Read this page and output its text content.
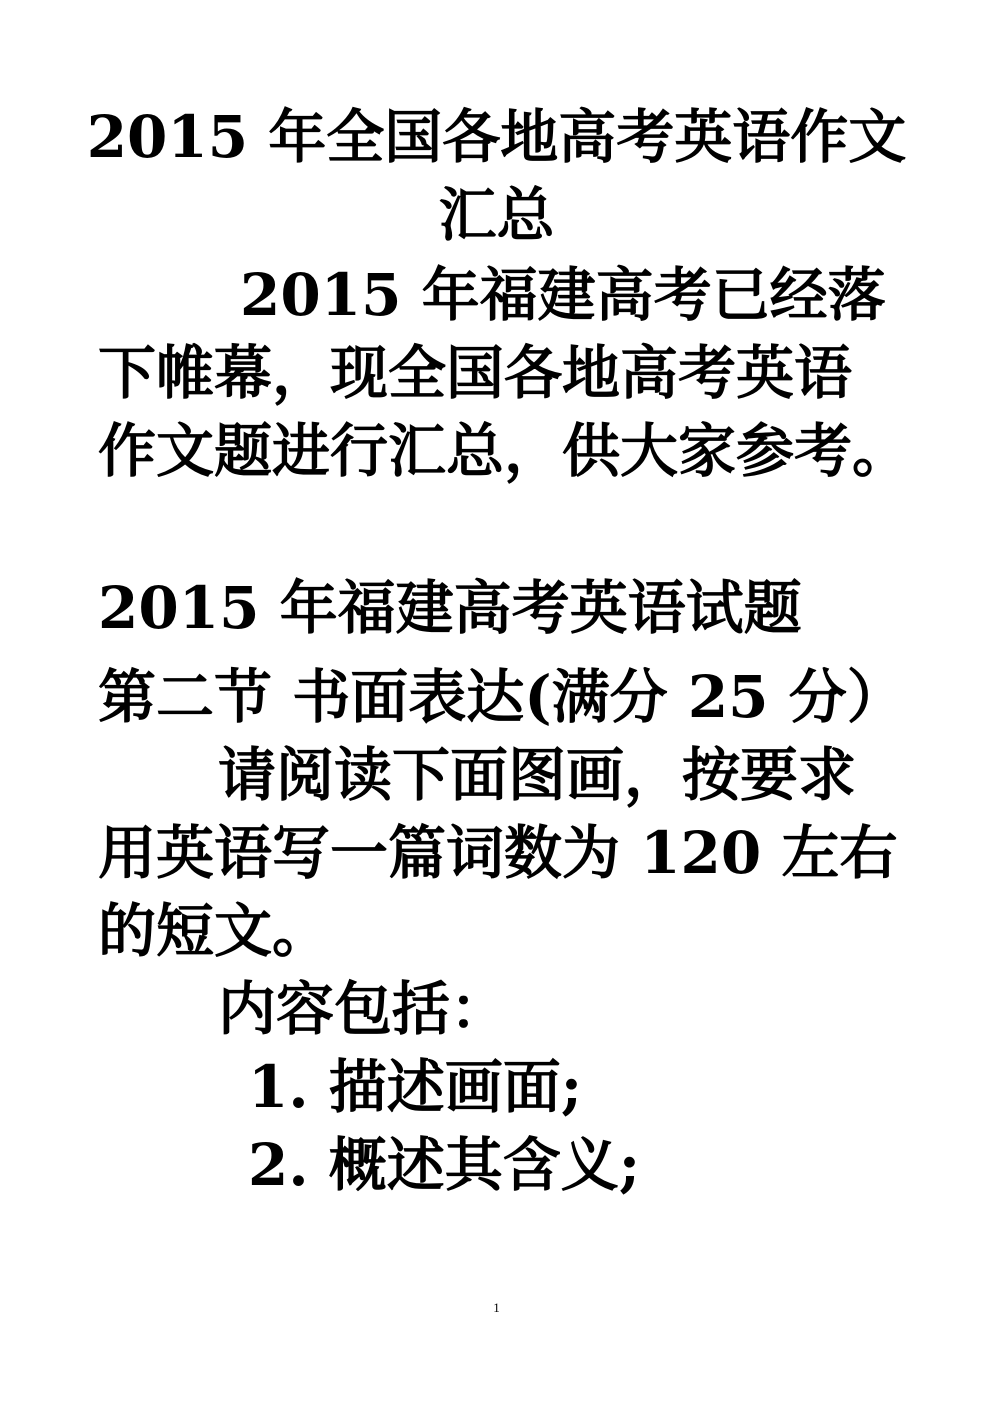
2015 年全国各地高考英语作文
汇总
2015 年福建高考已经落
下帷幕，现全国各地高考英语
作文题进行汇总，供大家参考。
2015 年福建高考英语试题
第二节 书面表达(满分 25 分）
请阅读下面图画，按要求
用英语写一篇词数为 120 左右
的短文。
内容包括：
1. 描述画面;
2. 概述其含义;
1
